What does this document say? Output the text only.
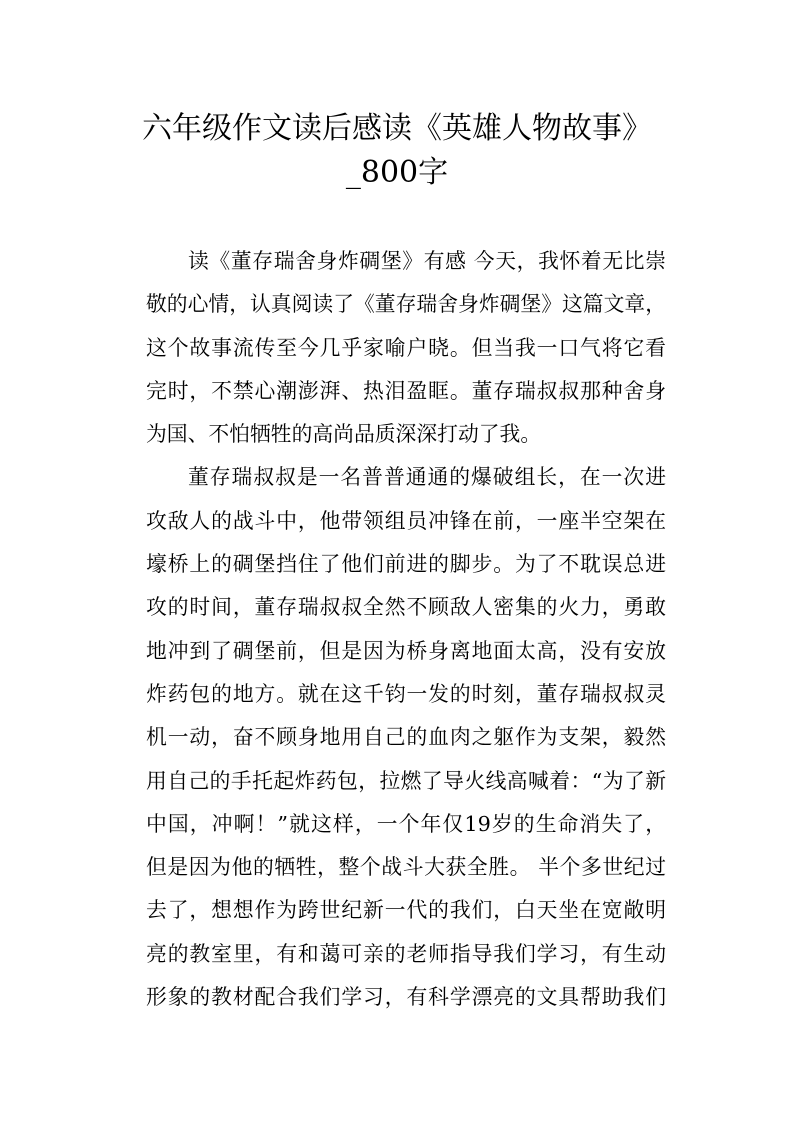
六年级作文读后感读《英雄人物故事》
_800字
读《董存瑞舍身炸碉堡》有感 今天，我怀着无比崇
敬的心情，认真阅读了《董存瑞舍身炸碉堡》这篇文章，
这个故事流传至今几乎家喻户晓。但当我一口气将它看
完时，不禁心潮澎湃、热泪盈眶。董存瑞叔叔那种舍身
为国、不怕牺牲的高尚品质深深打动了我。
董存瑞叔叔是一名普普通通的爆破组长，在一次进
攻敌人的战斗中，他带领组员冲锋在前，一座半空架在
壕桥上的碉堡挡住了他们前进的脚步。为了不耽误总进
攻的时间，董存瑞叔叔全然不顾敌人密集的火力，勇敢
地冲到了碉堡前，但是因为桥身离地面太高，没有安放
炸药包的地方。就在这千钧一发的时刻，董存瑞叔叔灵
机一动，奋不顾身地用自己的血肉之躯作为支架，毅然
用自己的手托起炸药包，拉燃了导火线高喊着：“为了新
中国，冲啊！”就这样，一个年仅19岁的生命消失了，
但是因为他的牺牲，整个战斗大获全胜。 半个多世纪过
去了，想想作为跨世纪新一代的我们，白天坐在宽敞明
亮的教室里，有和蔼可亲的老师指导我们学习，有生动
形象的教材配合我们学习，有科学漂亮的文具帮助我们
